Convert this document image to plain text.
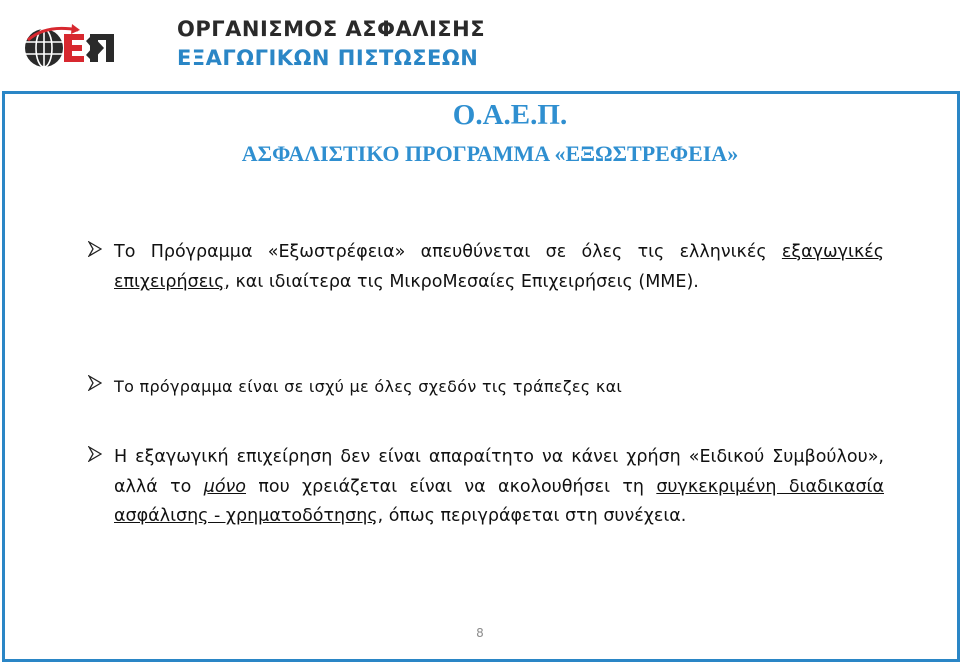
ΟΡΓΑΝΙΣΜΟΣ ΑΣΦΑΛΙΣΗΣ
ΕΞΑΓΩΓΙΚΩΝ ΠΙΣΤΩΣΕΩΝ
Ο.Α.Ε.Π.
ΑΣΦΑΛΙΣΤΙΚΟ ΠΡΟΓΡΑΜΜΑ «ΕΞΩΣΤΡΕΦΕΙΑ»

Το Πρόγραμμα «Εξωστρέφεια» απευθύνεται σε όλες τις ελληνικές εξαγωγικές επιχειρήσεις, και ιδιαίτερα τις ΜικροΜεσαίες Επιχειρήσεις (ΜΜΕ).

Το πρόγραμμα είναι σε ισχύ με όλες σχεδόν τις τράπεζες και

Η εξαγωγική επιχείρηση δεν είναι απαραίτητο να κάνει χρήση «Ειδικού Συμβούλου», αλλά το μόνο που χρειάζεται είναι να ακολουθήσει τη συγκεκριμένη διαδικασία ασφάλισης - χρηματοδότησης, όπως περιγράφεται στη συνέχεια.

8
